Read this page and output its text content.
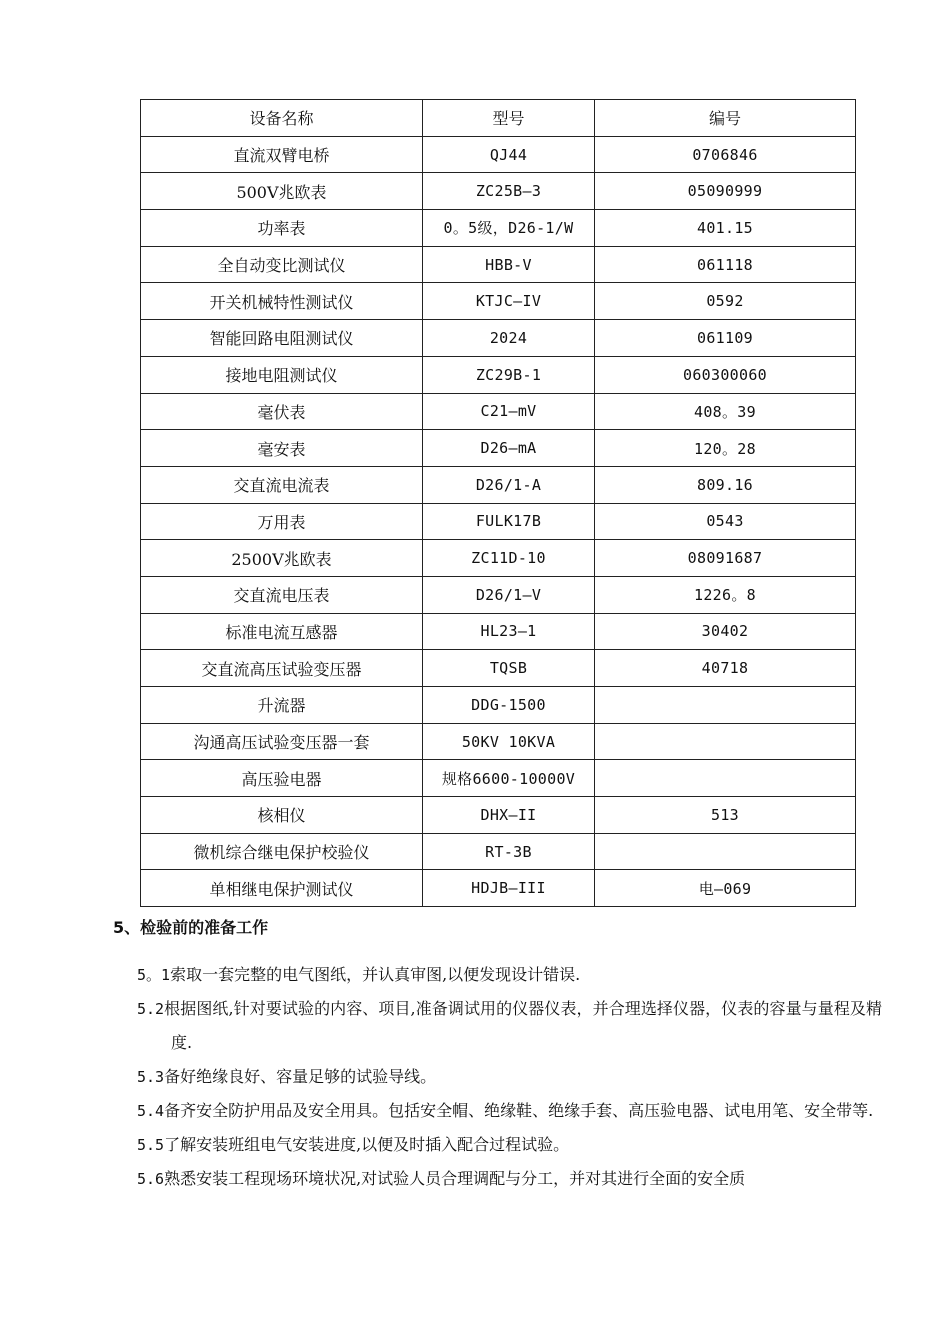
设备名称	型号	编号
直流双臂电桥	QJ44	0706846
500V兆欧表	ZC25B—3	05090999
功率表	0。5级，D26-1/W	401.15
全自动变比测试仪	HBB-V	061118
开关机械特性测试仪	KTJC—IV	0592
智能回路电阻测试仪	2024	061109
接地电阻测试仪	ZC29B-1	060300060
毫伏表	C21—mV	408。39
毫安表	D26—mA	120。28
交直流电流表	D26/1-A	809.16
万用表	FULK17B	0543
2500V兆欧表	ZC11D-10	08091687
交直流电压表	D26/1—V	1226。8
标准电流互感器	HL23—1	30402
交直流高压试验变压器	TQSB	40718
升流器	DDG-1500	
沟通高压试验变压器一套	50KV 10KVA	
高压验电器	规格6600-10000V	
核相仪	DHX—II	513
微机综合继电保护校验仪	RT-3B	
单相继电保护测试仪	HDJB—III	电—069
5、检验前的准备工作

5。1索取一套完整的电气图纸，并认真审图,以便发现设计错误.

5.2根据图纸,针对要试验的内容、项目,准备调试用的仪器仪表，并合理选择仪器，仪表的容量与量程及精度.

5.3备好绝缘良好、容量足够的试验导线。

5.4备齐安全防护用品及安全用具。包括安全帽、绝缘鞋、绝缘手套、高压验电器、试电用笔、安全带等.

5.5了解安装班组电气安装进度,以便及时插入配合过程试验。

5.6熟悉安装工程现场环境状况,对试验人员合理调配与分工，并对其进行全面的安全质
